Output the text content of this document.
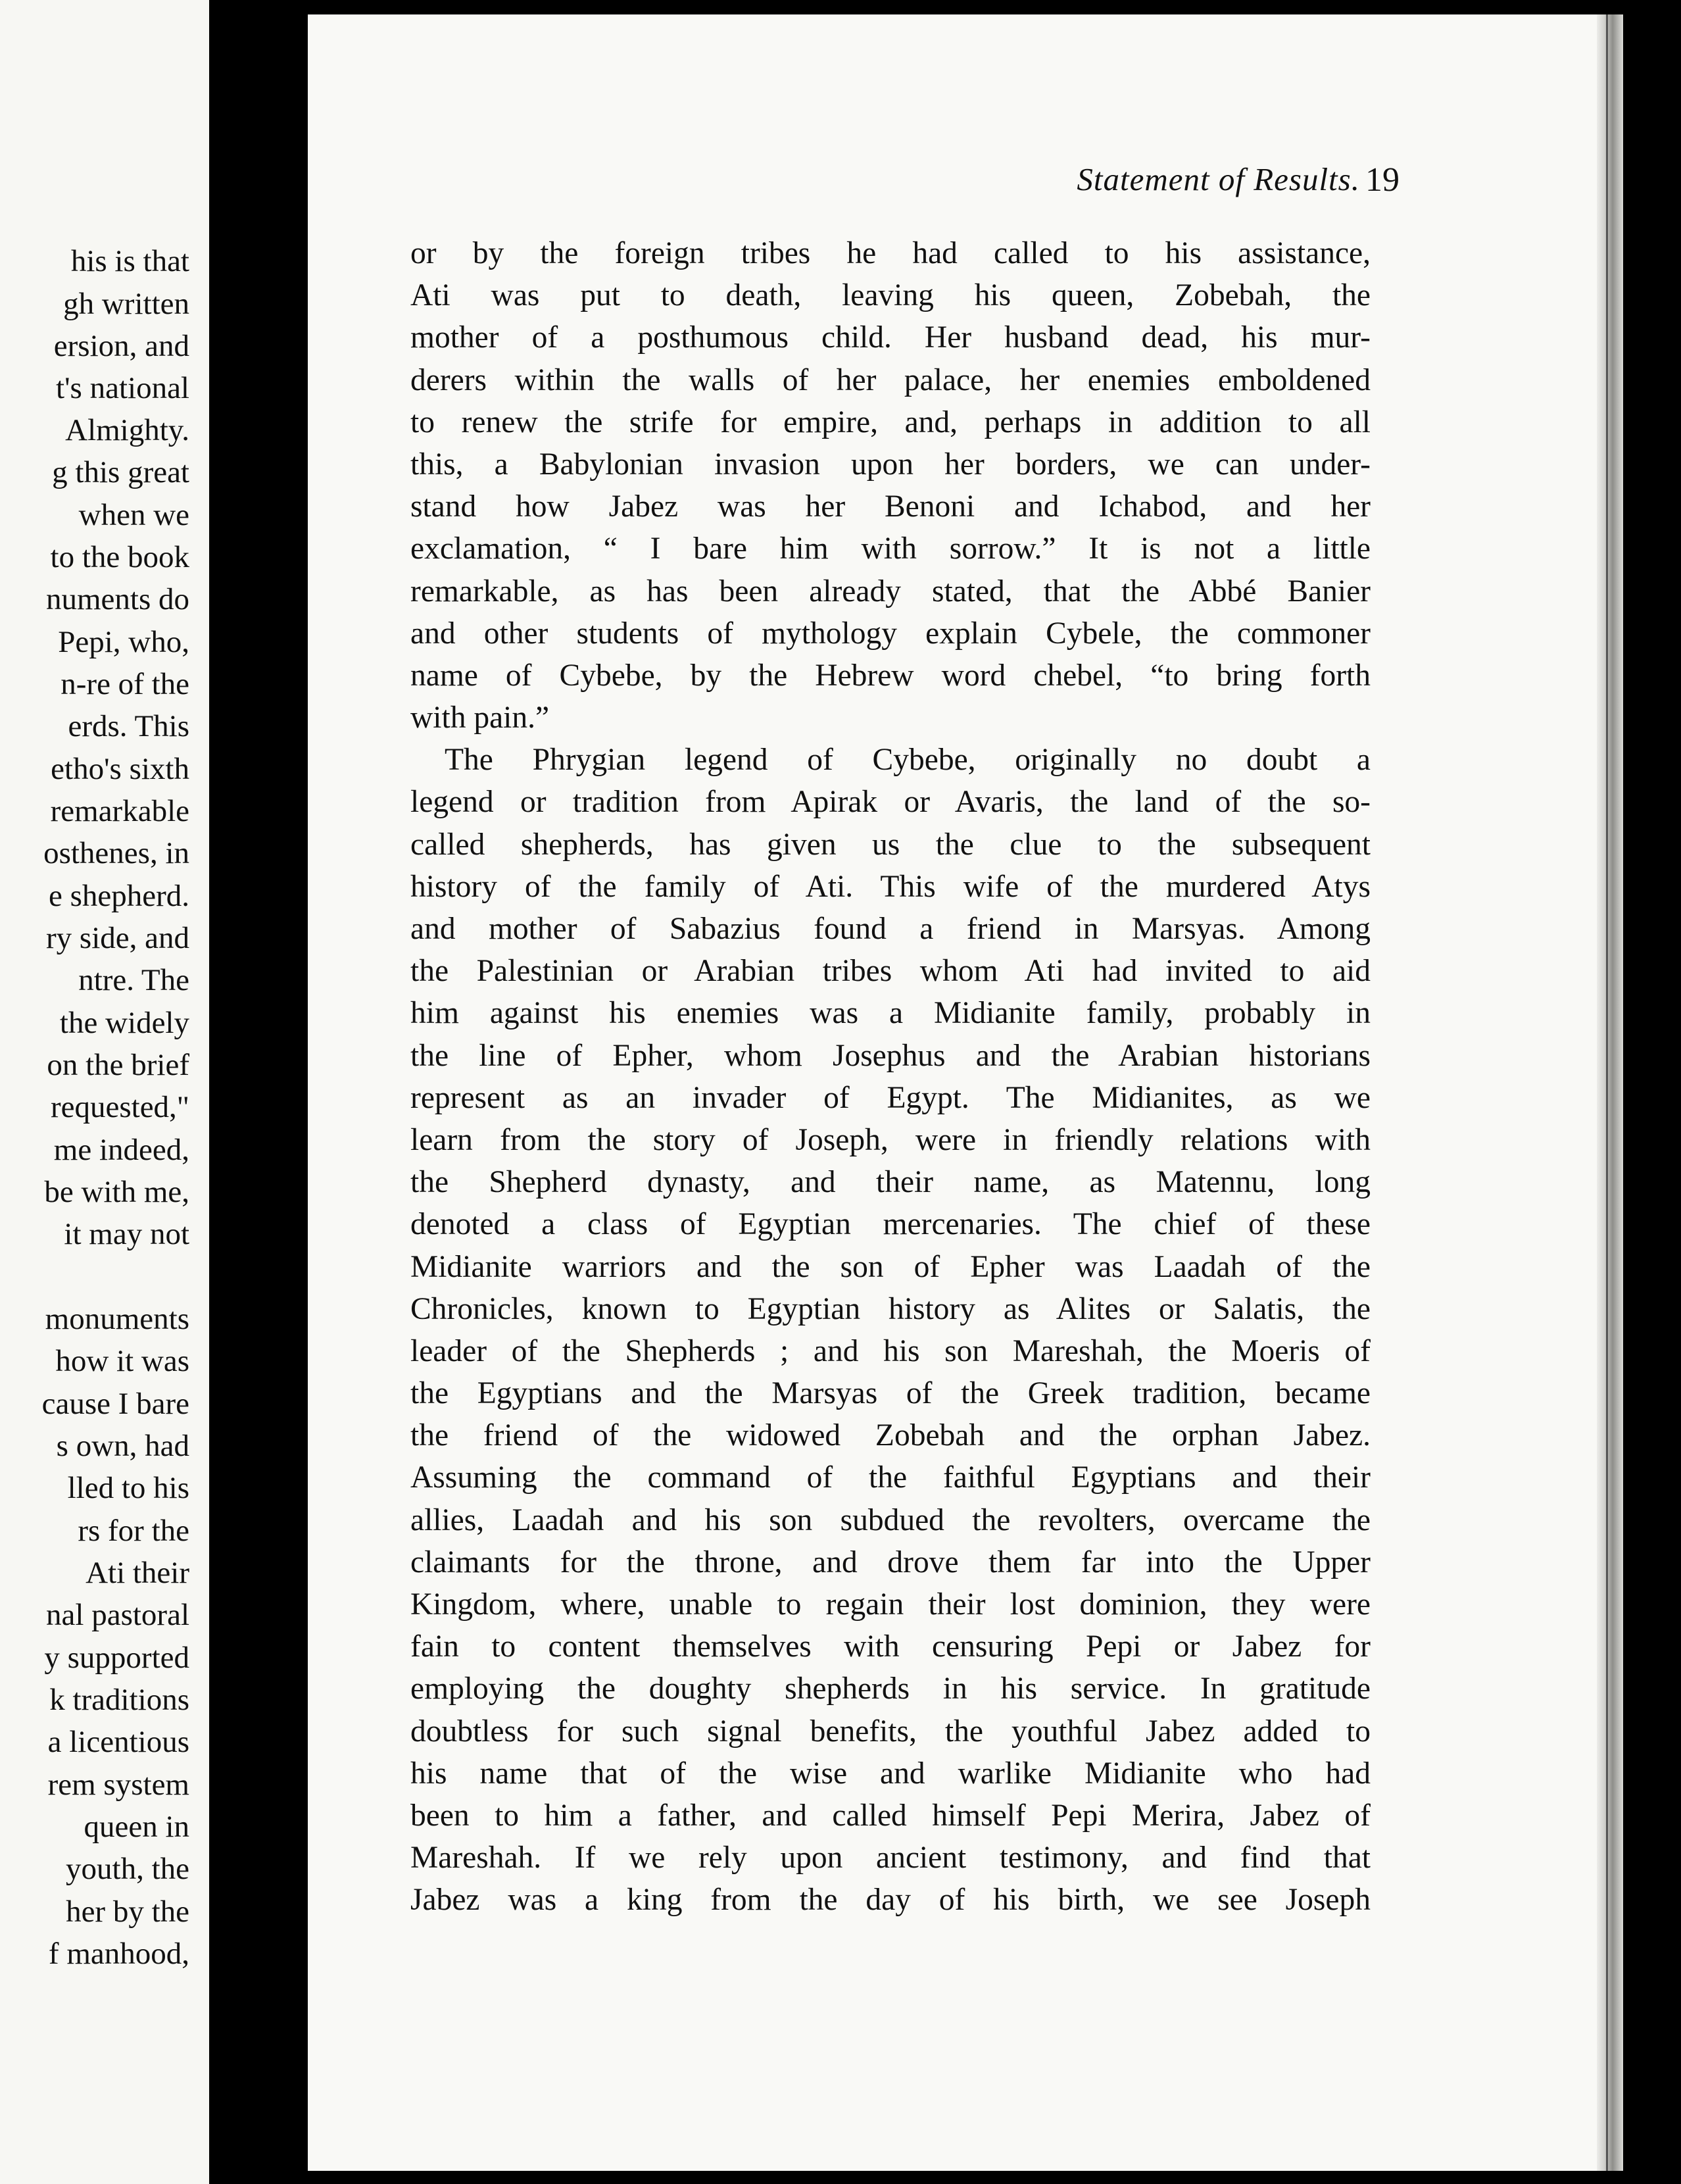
his is that
gh written
ersion, and
t's national
Almighty.
g this great
when we
to the book
numents do
Pepi, who,
n-re of the
erds. This
etho's sixth
remarkable
osthenes, in
e shepherd.
ry side, and
ntre. The
the widely
on the brief
requested,"
me indeed,
be with me,
it may not
monuments
how it was
cause I bare
s own, had
lled to his
rs for the
Ati their
nal pastoral
y supported
k traditions
a licentious
rem system
queen in
youth, the
her by the
f manhood,
Statement of Results. 19
or by the foreign tribes he had called to his assistance,
Ati was put to death, leaving his queen, Zobebah, the
mother of a posthumous child. Her husband dead, his mur-
derers within the walls of her palace, her enemies emboldened
to renew the strife for empire, and, perhaps in addition to all
this, a Babylonian invasion upon her borders, we can under-
stand how Jabez was her Benoni and Ichabod, and her
exclamation, “ I bare him with sorrow.” It is not a little
remarkable, as has been already stated, that the Abbé Banier
and other students of mythology explain Cybele, the commoner
name of Cybebe, by the Hebrew word chebel, “to bring forth
with pain.”
The Phrygian legend of Cybebe, originally no doubt a
legend or tradition from Apirak or Avaris, the land of the so-
called shepherds, has given us the clue to the subsequent
history of the family of Ati. This wife of the murdered Atys
and mother of Sabazius found a friend in Marsyas. Among
the Palestinian or Arabian tribes whom Ati had invited to aid
him against his enemies was a Midianite family, probably in
the line of Epher, whom Josephus and the Arabian historians
represent as an invader of Egypt. The Midianites, as we
learn from the story of Joseph, were in friendly relations with
the Shepherd dynasty, and their name, as Matennu, long
denoted a class of Egyptian mercenaries. The chief of these
Midianite warriors and the son of Epher was Laadah of the
Chronicles, known to Egyptian history as Alites or Salatis, the
leader of the Shepherds ; and his son Mareshah, the Moeris of
the Egyptians and the Marsyas of the Greek tradition, became
the friend of the widowed Zobebah and the orphan Jabez.
Assuming the command of the faithful Egyptians and their
allies, Laadah and his son subdued the revolters, overcame the
claimants for the throne, and drove them far into the Upper
Kingdom, where, unable to regain their lost dominion, they were
fain to content themselves with censuring Pepi or Jabez for
employing the doughty shepherds in his service. In gratitude
doubtless for such signal benefits, the youthful Jabez added to
his name that of the wise and warlike Midianite who had
been to him a father, and called himself Pepi Merira, Jabez of
Mareshah. If we rely upon ancient testimony, and find that
Jabez was a king from the day of his birth, we see Joseph
